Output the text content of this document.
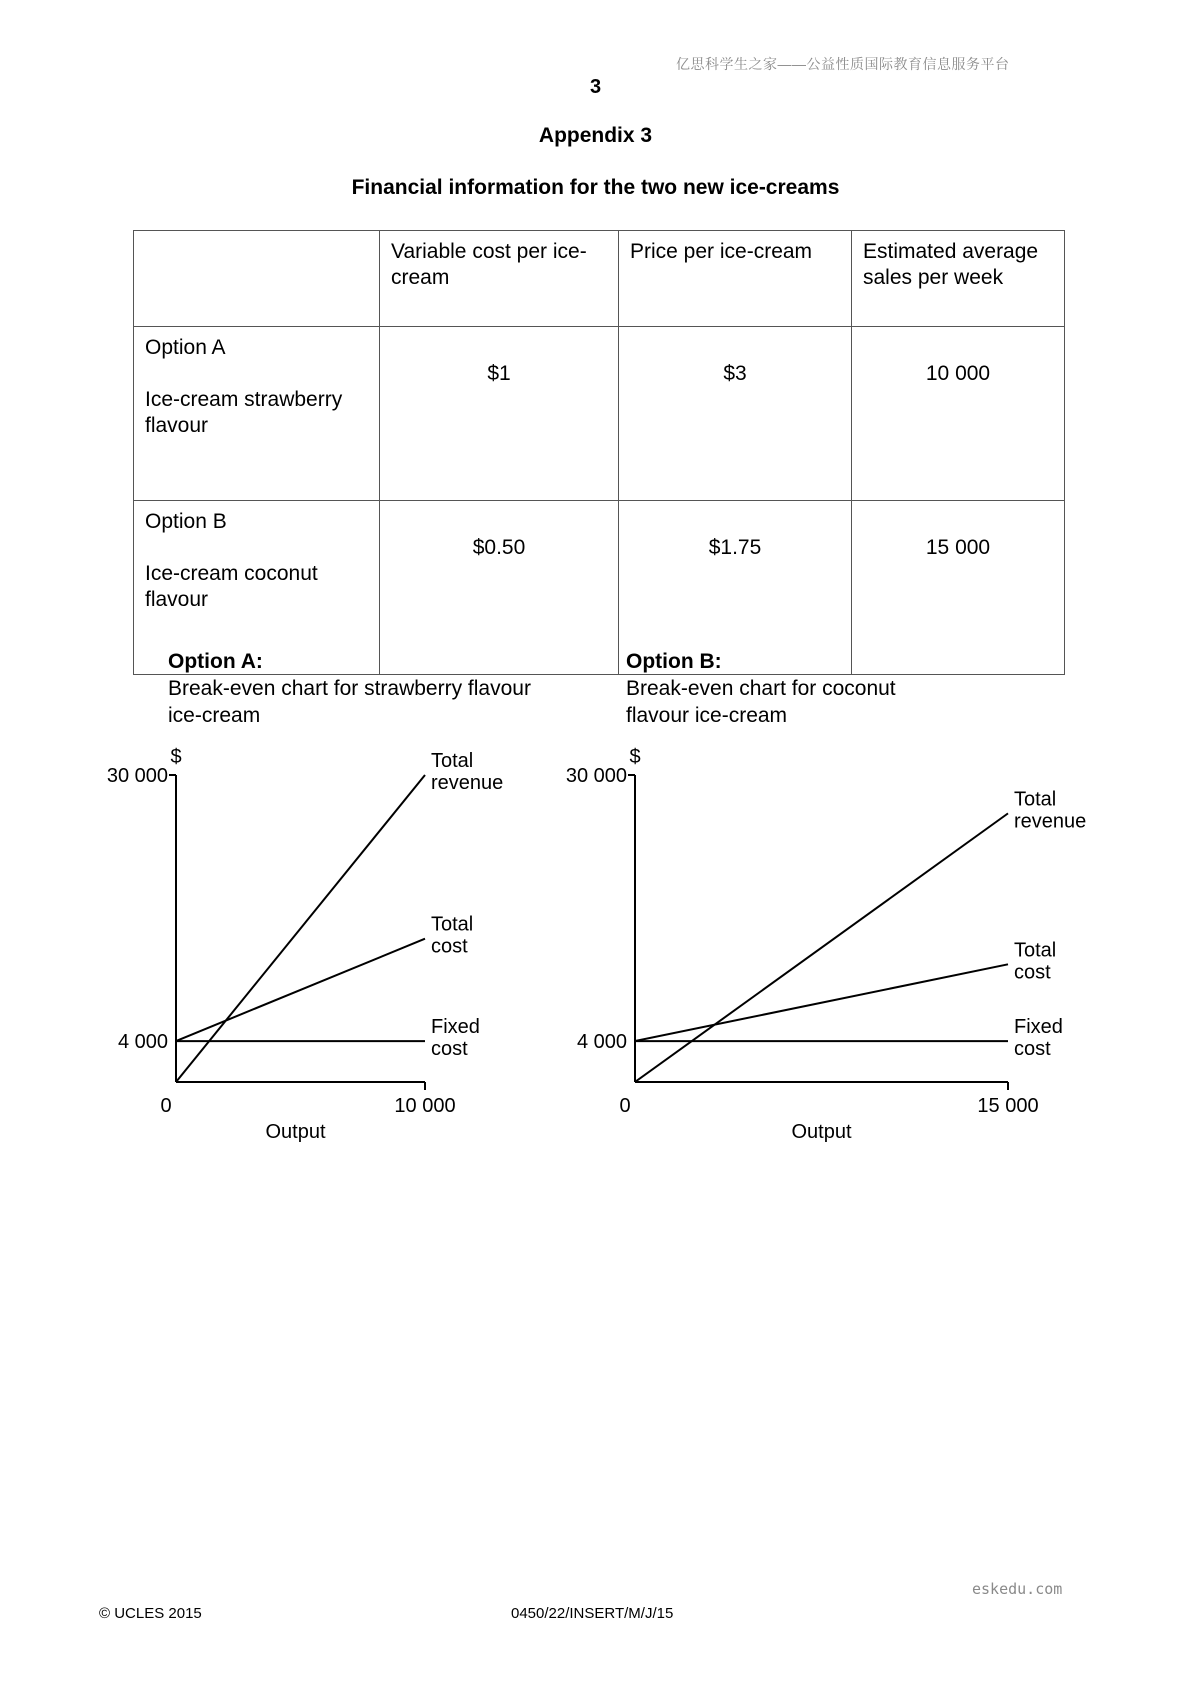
亿思科学生之家——公益性质国际教育信息服务平台
3
Appendix 3
Financial information for the two new ice-creams
	Variable cost per ice-cream	Price per ice-cream	Estimated average sales per week
Option A
Ice-cream strawberry flavour	$1	$3	10 000
Option B
Ice-cream coconut flavour	$0.50	$1.75	15 000
Option A:
Break-even chart for strawberry flavour ice-cream
Option B:
Break-even chart for coconut flavour ice-cream
$
30 000
4 000
0	10 000
Output
Total
revenue
Total
cost
Fixed
cost
$
30 000
4 000
0	15 000
Output
Total
revenue
Total
cost
Fixed
cost
© UCLES 2015	0450/22/INSERT/M/J/15
eskedu.com
